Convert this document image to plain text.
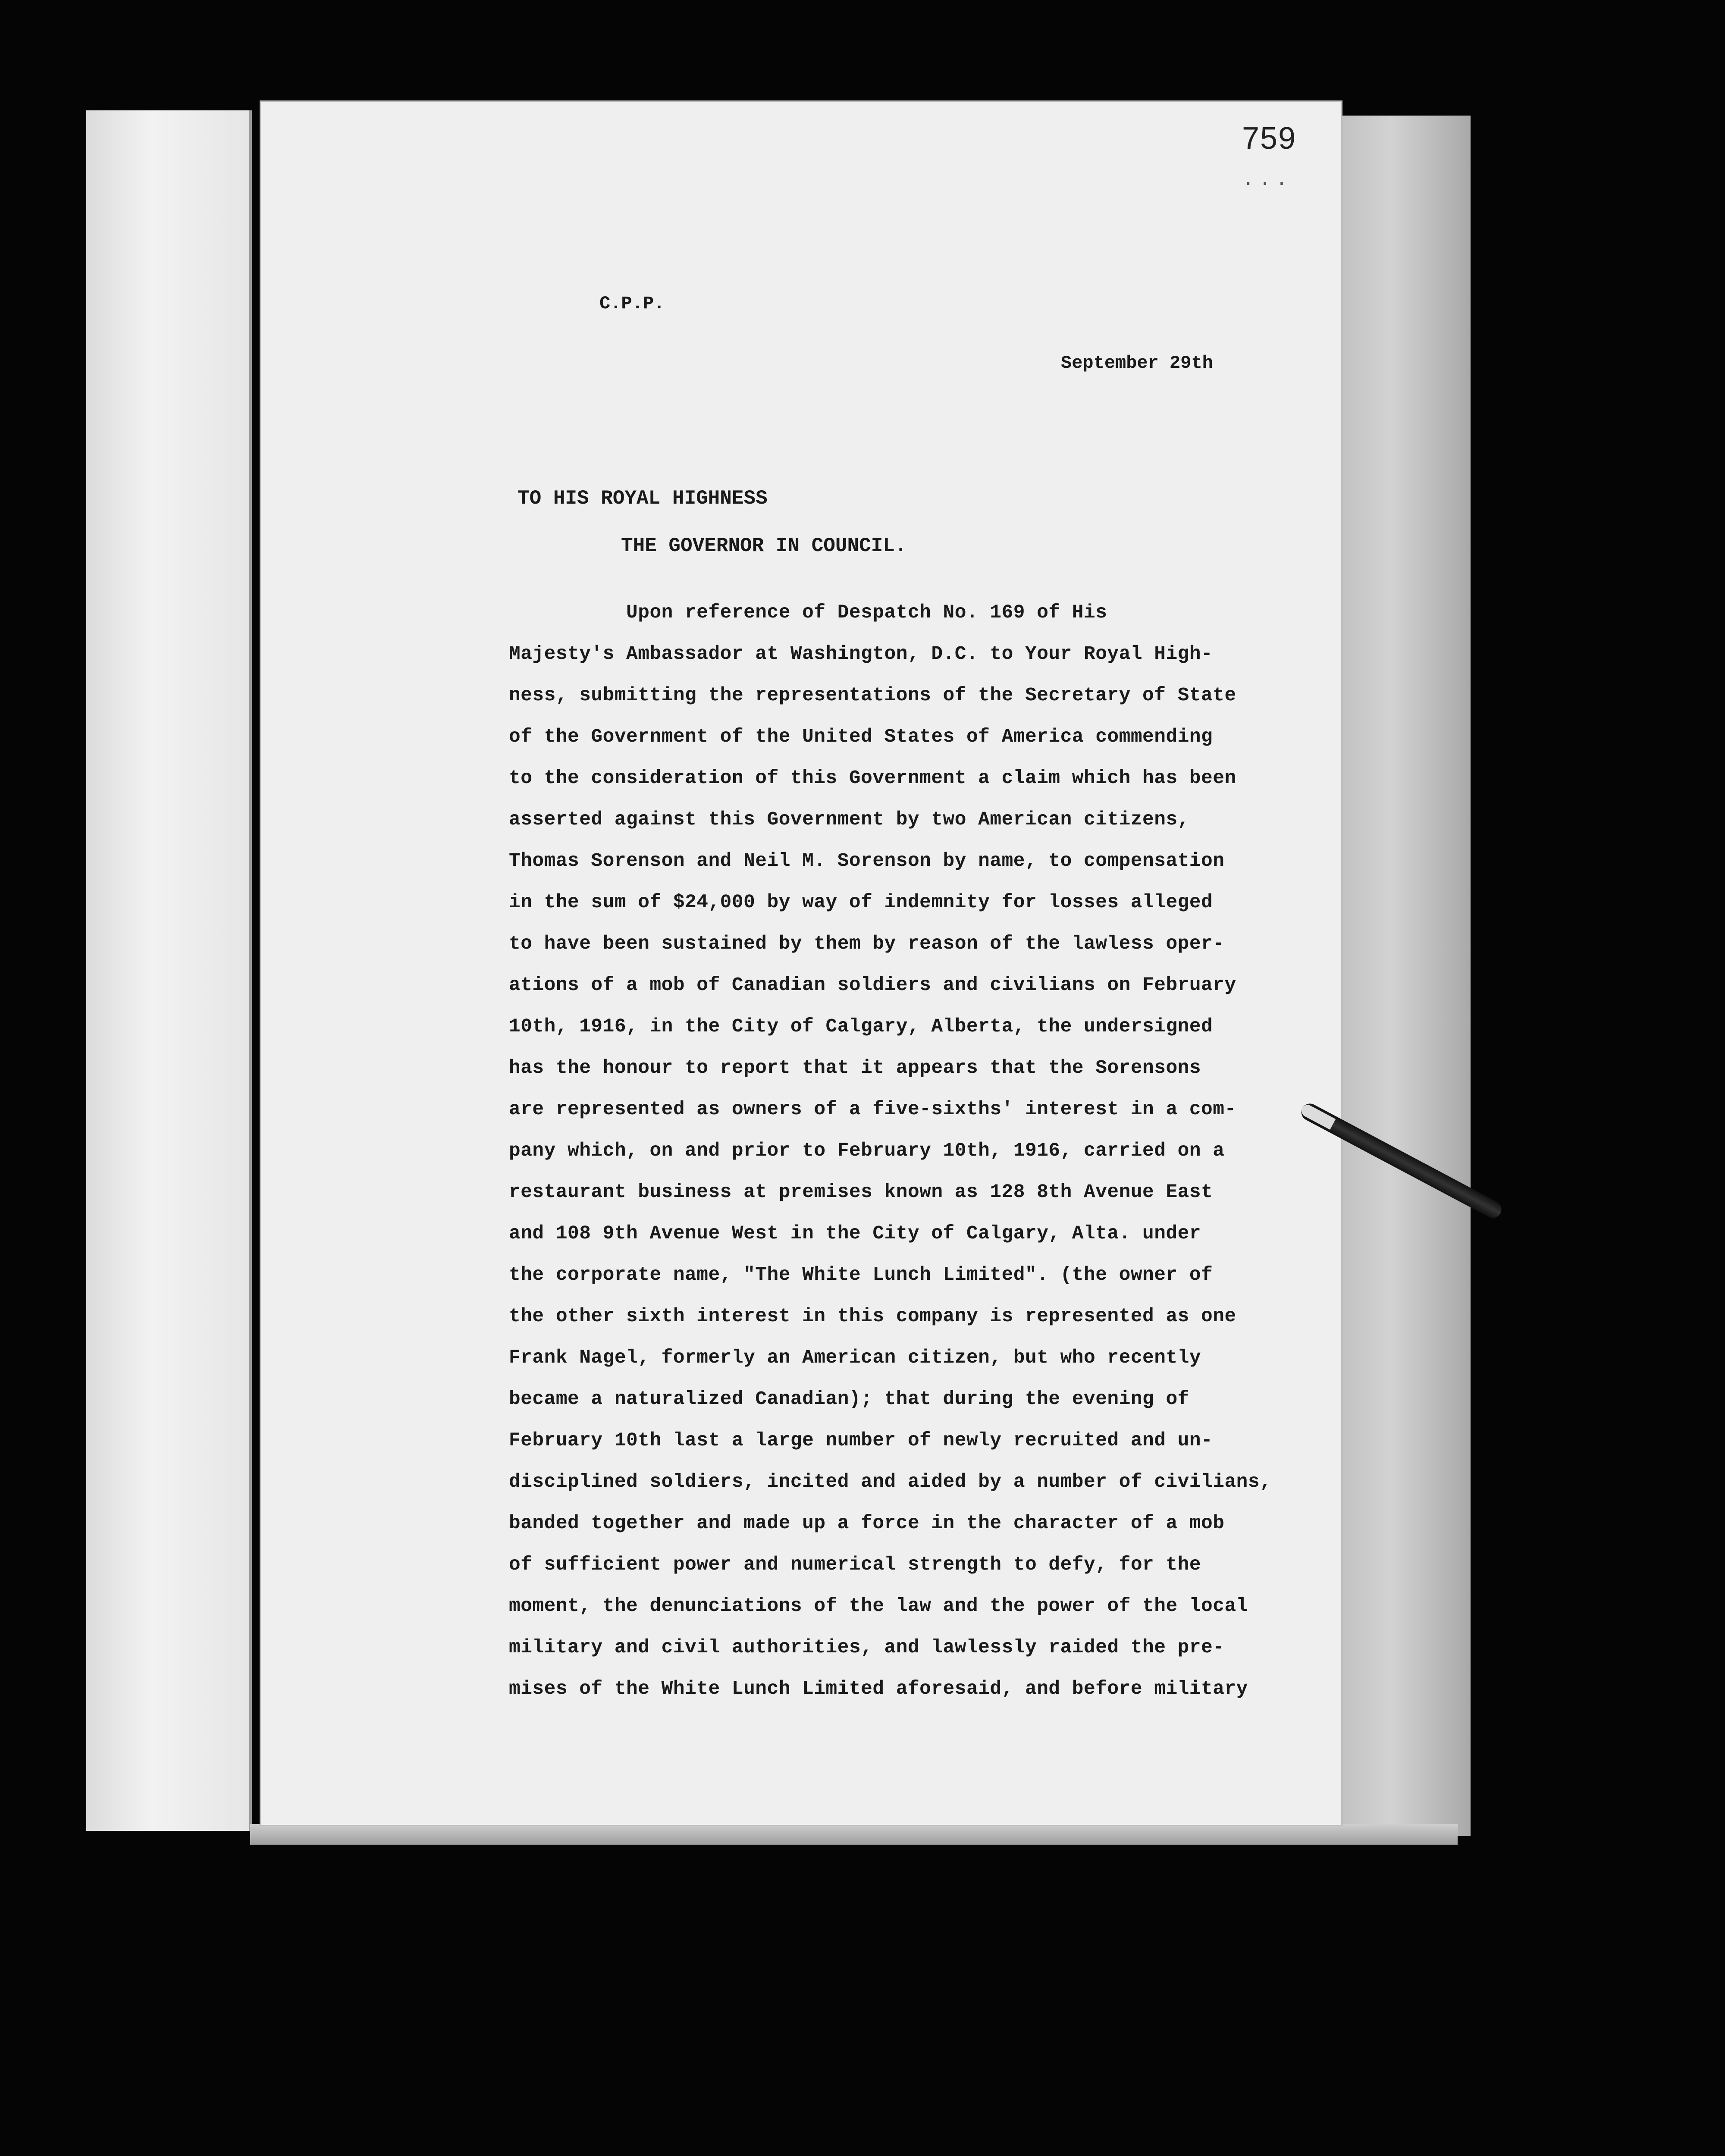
759
...
C.P.P.
September 29th
TO HIS ROYAL HIGHNESS
THE GOVERNOR IN COUNCIL.
Upon reference of Despatch No. 169 of His
Majesty's Ambassador at Washington, D.C. to Your Royal High-
ness, submitting the representations of the Secretary of State
of the Government of the United States of America commending
to the consideration of this Government a claim which has been
asserted against this Government by two American citizens,
Thomas Sorenson and Neil M. Sorenson by name, to compensation
in the sum of $24,000 by way of indemnity for losses alleged
to have been sustained by them by reason of the lawless oper-
ations of a mob of Canadian soldiers and civilians on February
10th, 1916, in the City of Calgary, Alberta, the undersigned
has the honour to report that it appears that the Sorensons
are represented as owners of a five-sixths' interest in a com-
pany which, on and prior to February 10th, 1916, carried on a
restaurant business at premises known as 128 8th Avenue East
and 108 9th Avenue West in the City of Calgary, Alta. under
the corporate name, "The White Lunch Limited". (the owner of
the other sixth interest in this company is represented as one
Frank Nagel, formerly an American citizen, but who recently
became a naturalized Canadian); that during the evening of
February 10th last a large number of newly recruited and un-
disciplined soldiers, incited and aided by a number of civilians,
banded together and made up a force in the character of a mob
of sufficient power and numerical strength to defy, for the
moment, the denunciations of the law and the power of the local
military and civil authorities, and lawlessly raided the pre-
mises of the White Lunch Limited aforesaid, and before military
